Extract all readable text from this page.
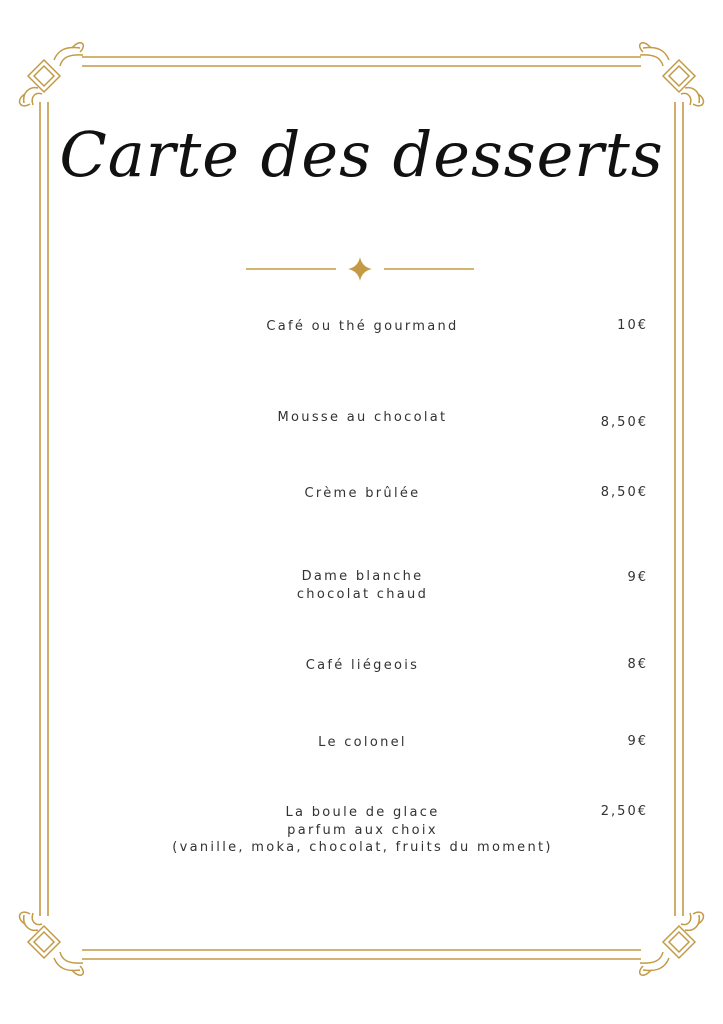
Carte des desserts
Café ou thé gourmand	10€
Mousse au chocolat	8,50€
Crème brûlée	8,50€
Dame blanche
chocolat chaud
9€
Café liégeois	8€
Le colonel	9€
La boule de glace
parfum aux choix
(vanille, moka, chocolat, fruits du moment)
2,50€
